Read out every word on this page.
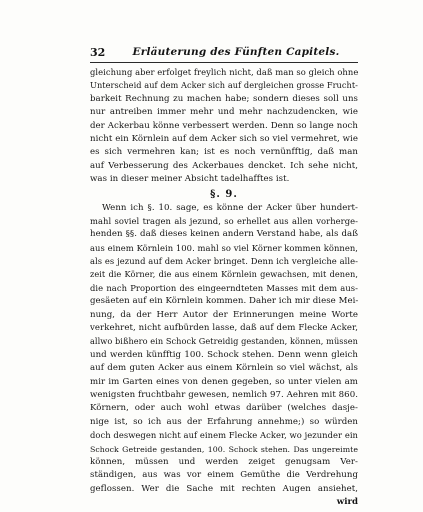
32	Erläuterung des Fünften Capitels.
gleichung aber erfolget freylich nicht, daß man so gleich ohne
Unterscheid auf dem Acker sich auf dergleichen grosse Frucht-
barkeit Rechnung zu machen habe; sondern dieses soll uns
nur antreiben immer mehr und mehr nachzudencken, wie
der Ackerbau könne verbessert werden. Denn so lange noch
nicht ein Körnlein auf dem Acker sich so viel vermehret, wie
es sich vermehren kan; ist es noch vernünfftig, daß man
auf Verbesserung des Ackerbaues dencket. Ich sehe nicht,
was in dieser meiner Absicht tadelhafftes ist.
§. 9.
Wenn ich §. 10. sage, es könne der Acker über hundert-
mahl soviel tragen als jezund, so erhellet aus allen vorherge-
henden §§. daß dieses keinen andern Verstand habe, als daß
aus einem Körnlein 100. mahl so viel Körner kommen können,
als es jezund auf dem Acker bringet. Denn ich vergleiche alle-
zeit die Körner, die aus einem Körnlein gewachsen, mit denen,
die nach Proportion des eingeerndteten Masses mit dem aus-
gesäeten auf ein Körnlein kommen. Daher ich mir diese Mei-
nung, da der Herr Autor der Erinnerungen meine Worte
verkehret, nicht aufbürden lasse, daß auf dem Flecke Acker,
allwo bißhero ein Schock Getreidig gestanden, können, müssen
und werden künfftig 100. Schock stehen. Denn wenn gleich
auf dem guten Acker aus einem Körnlein so viel wächst, als
mir im Garten eines von denen gegeben, so unter vielen am
wenigsten fruchtbahr gewesen, nemlich 97. Aehren mit 860.
Körnern, oder auch wohl etwas darüber (welches dasje-
nige ist, so ich aus der Erfahrung annehme;) so würden
doch deswegen nicht auf einem Flecke Acker, wo jezunder ein
Schock Getreide gestanden, 100. Schock stehen. Das ungereimte
können, müssen und werden zeiget genugsam Ver-
ständigen, aus was vor einem Gemüthe die Verdrehung
geflossen. Wer die Sache mit rechten Augen ansiehet,
wird
